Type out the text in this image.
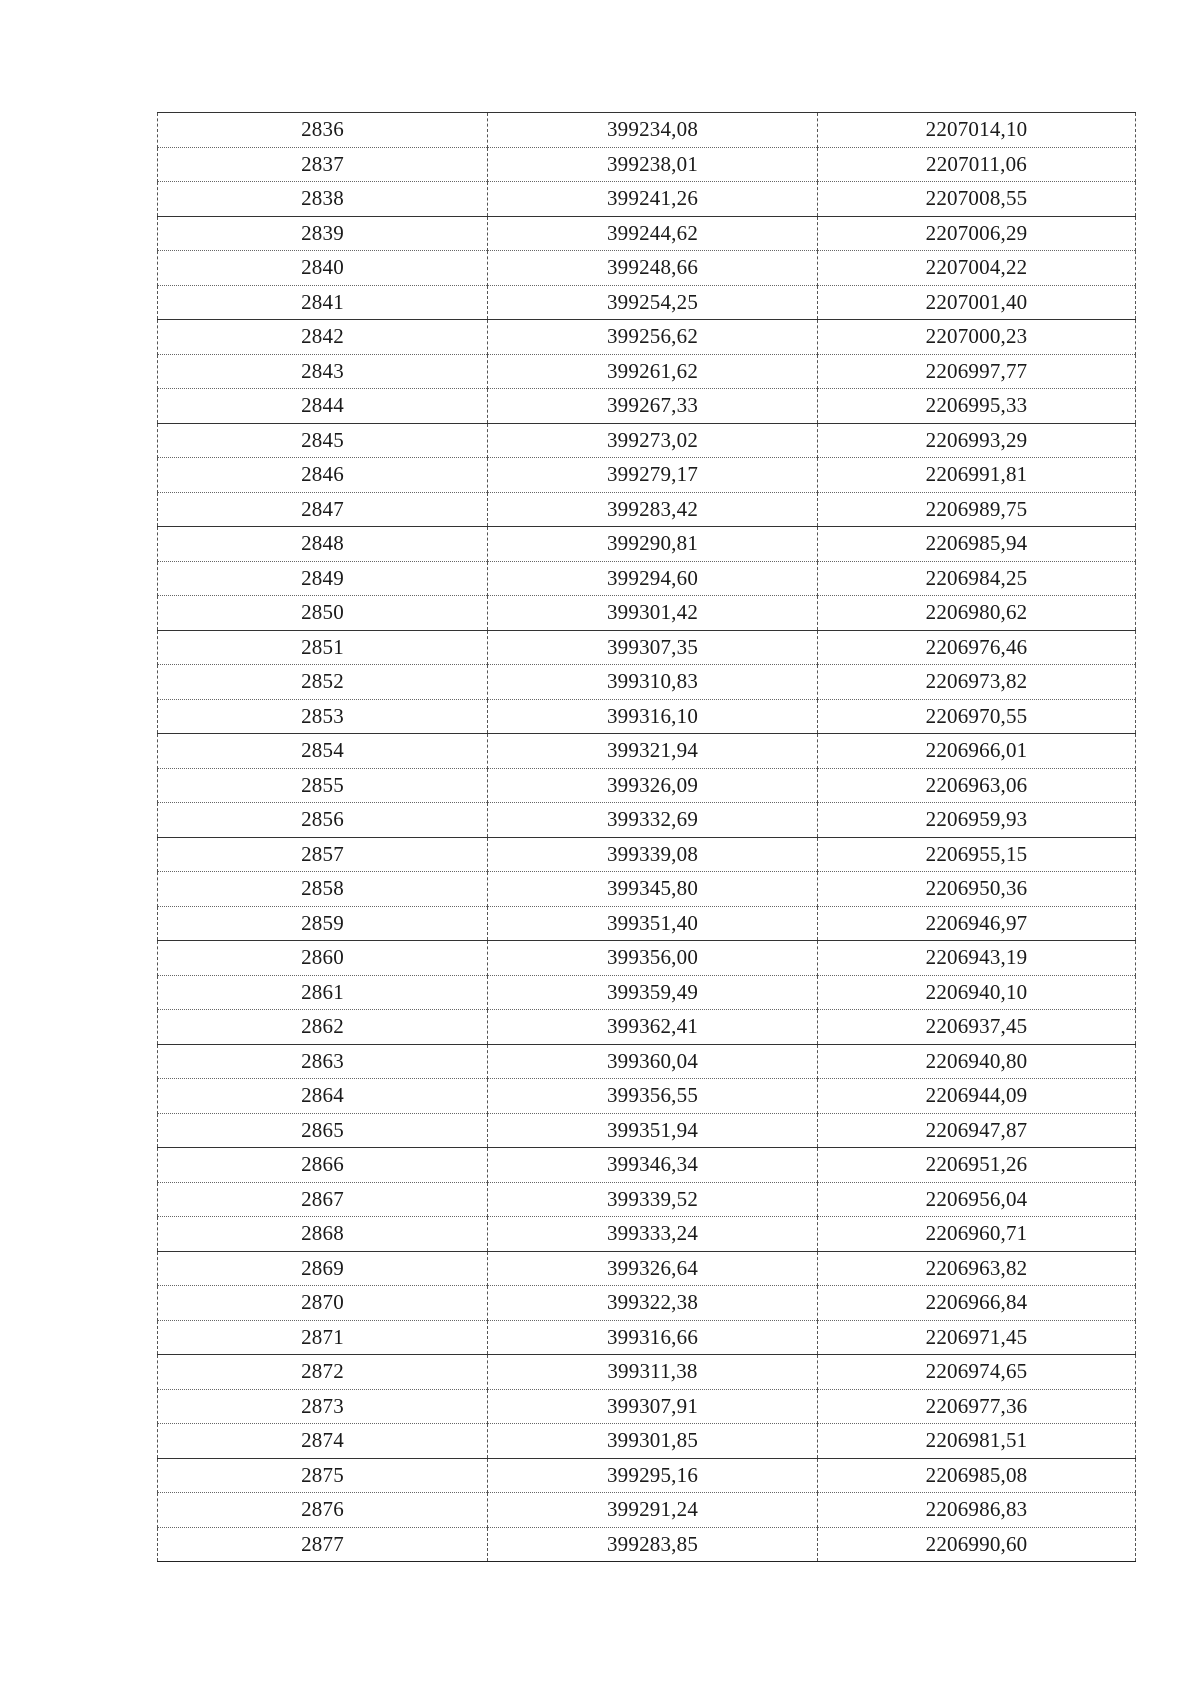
2836	399234,08	2207014,10
2837	399238,01	2207011,06
2838	399241,26	2207008,55
2839	399244,62	2207006,29
2840	399248,66	2207004,22
2841	399254,25	2207001,40
2842	399256,62	2207000,23
2843	399261,62	2206997,77
2844	399267,33	2206995,33
2845	399273,02	2206993,29
2846	399279,17	2206991,81
2847	399283,42	2206989,75
2848	399290,81	2206985,94
2849	399294,60	2206984,25
2850	399301,42	2206980,62
2851	399307,35	2206976,46
2852	399310,83	2206973,82
2853	399316,10	2206970,55
2854	399321,94	2206966,01
2855	399326,09	2206963,06
2856	399332,69	2206959,93
2857	399339,08	2206955,15
2858	399345,80	2206950,36
2859	399351,40	2206946,97
2860	399356,00	2206943,19
2861	399359,49	2206940,10
2862	399362,41	2206937,45
2863	399360,04	2206940,80
2864	399356,55	2206944,09
2865	399351,94	2206947,87
2866	399346,34	2206951,26
2867	399339,52	2206956,04
2868	399333,24	2206960,71
2869	399326,64	2206963,82
2870	399322,38	2206966,84
2871	399316,66	2206971,45
2872	399311,38	2206974,65
2873	399307,91	2206977,36
2874	399301,85	2206981,51
2875	399295,16	2206985,08
2876	399291,24	2206986,83
2877	399283,85	2206990,60
